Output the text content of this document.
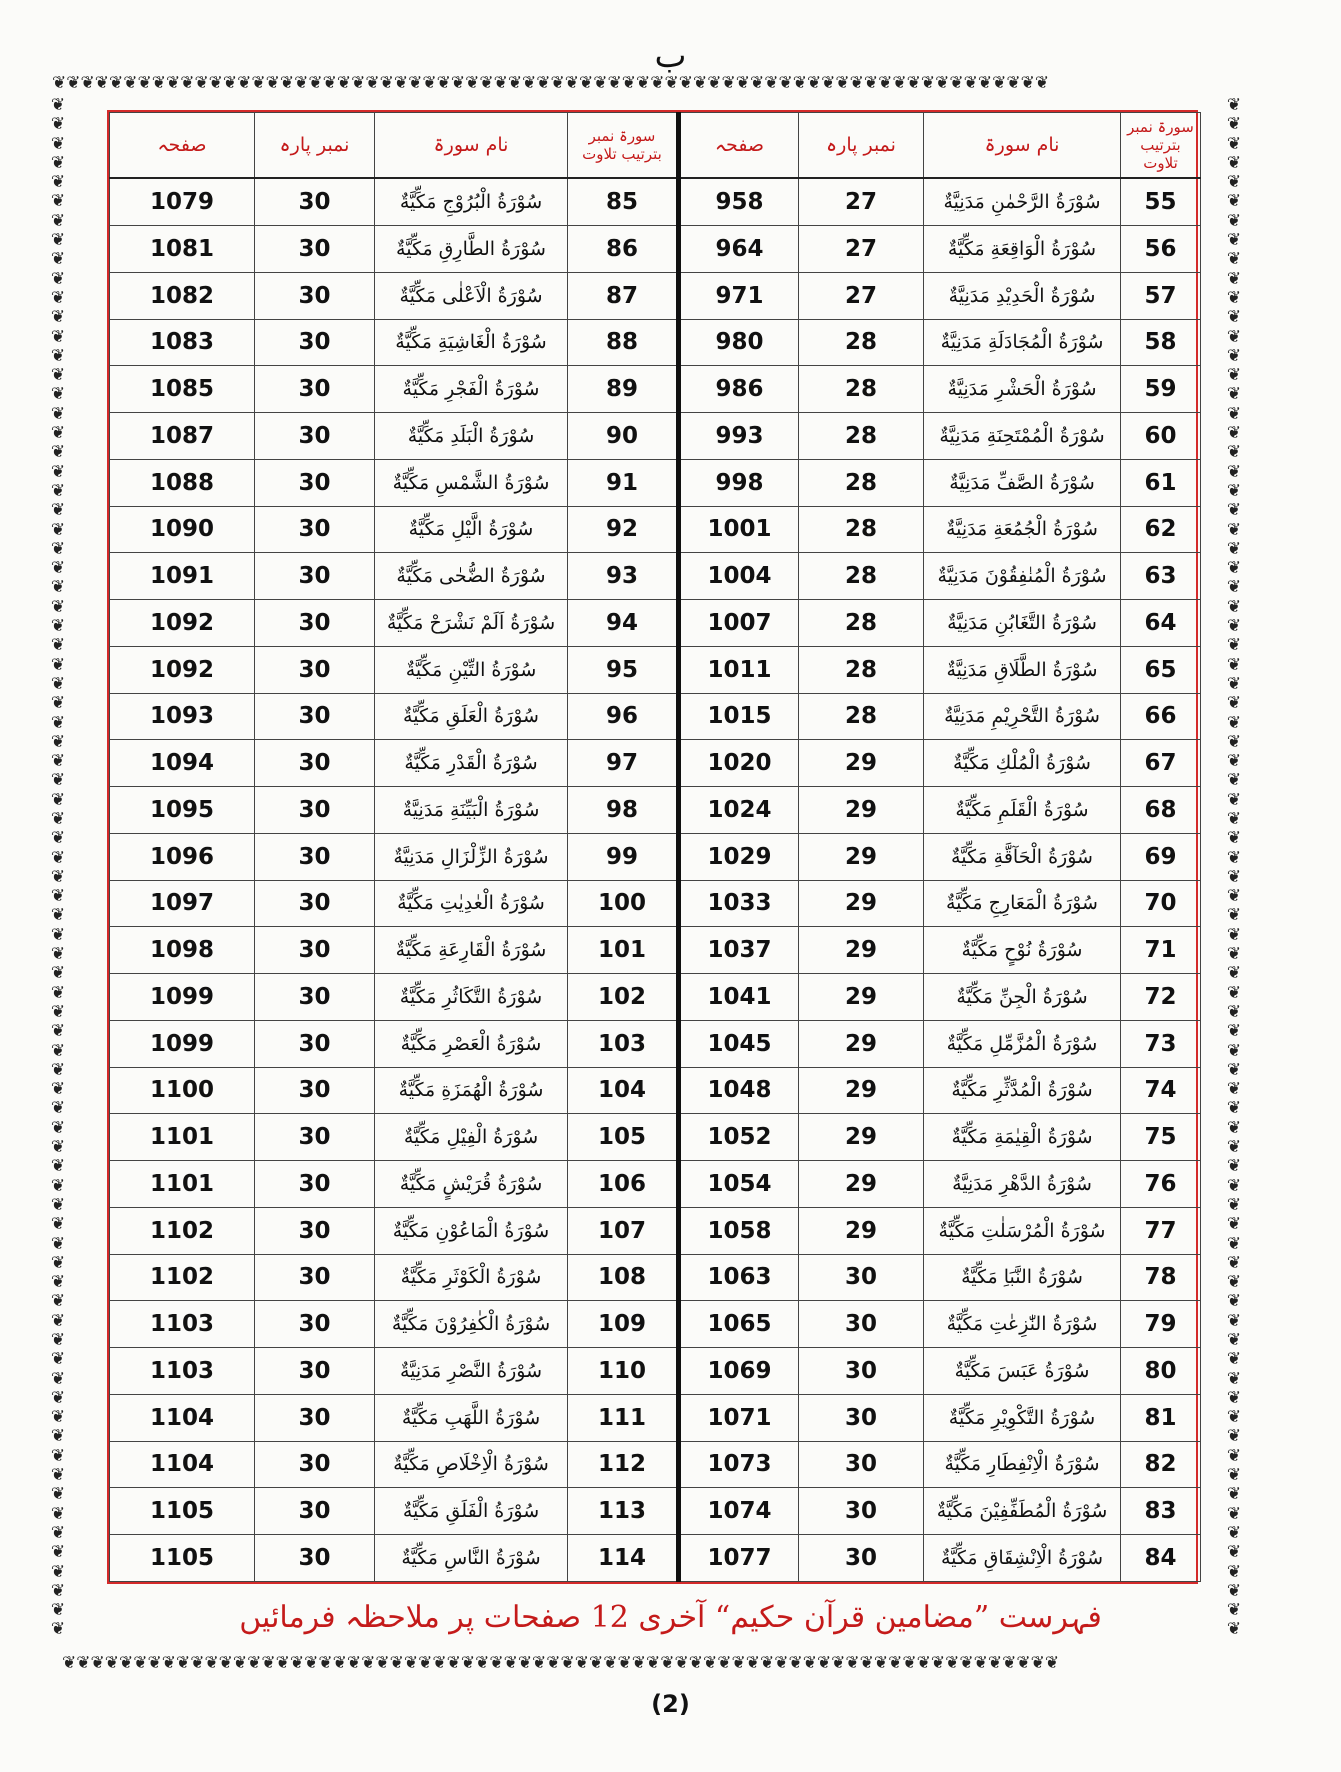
ب
❦❦❦❦❦❦❦❦❦❦❦❦❦❦❦❦❦❦❦❦❦❦❦❦❦❦❦❦❦❦❦❦❦❦❦❦❦❦❦❦❦❦❦❦❦❦❦❦❦❦❦❦❦❦❦❦❦❦❦❦❦❦❦❦❦❦❦❦❦❦
❦❦❦❦❦❦❦❦❦❦❦❦❦❦❦❦❦❦❦❦❦❦❦❦❦❦❦❦❦❦❦❦❦❦❦❦❦❦❦❦❦❦❦❦❦❦❦❦❦❦❦❦❦❦❦❦❦❦❦❦❦❦❦❦❦❦❦❦❦❦
❦❦❦❦❦❦❦❦❦❦❦❦❦❦❦❦❦❦❦❦❦❦❦❦❦❦❦❦❦❦❦❦❦❦❦❦❦❦❦❦❦❦❦❦❦❦❦❦❦❦❦❦❦❦❦❦❦❦❦❦❦❦❦❦❦❦❦❦❦❦❦❦❦❦❦❦❦❦❦❦
❦❦❦❦❦❦❦❦❦❦❦❦❦❦❦❦❦❦❦❦❦❦❦❦❦❦❦❦❦❦❦❦❦❦❦❦❦❦❦❦❦❦❦❦❦❦❦❦❦❦❦❦❦❦❦❦❦❦❦❦❦❦❦❦❦❦❦❦❦❦❦❦❦❦❦❦❦❦❦❦
سورۃ نمبر بترتیب تلاوت	نام سورۃ	نمبر پارہ	صفحہ	سورۃ نمبر بترتیب تلاوت	نام سورۃ	نمبر پارہ	صفحہ
55	سُوْرَةُ الرَّحْمٰنِ مَدَنِيَّةٌ	27	958	85	سُوْرَةُ الْبُرُوْجِ مَكِّيَّةٌ	30	1079
56	سُوْرَةُ الْوَاقِعَةِ مَكِّيَّةٌ	27	964	86	سُوْرَةُ الطَّارِقِ مَكِّيَّةٌ	30	1081
57	سُوْرَةُ الْحَدِيْدِ مَدَنِيَّةٌ	27	971	87	سُوْرَةُ الْاَعْلٰى مَكِّيَّةٌ	30	1082
58	سُوْرَةُ الْمُجَادَلَةِ مَدَنِيَّةٌ	28	980	88	سُوْرَةُ الْغَاشِيَةِ مَكِّيَّةٌ	30	1083
59	سُوْرَةُ الْحَشْرِ مَدَنِيَّةٌ	28	986	89	سُوْرَةُ الْفَجْرِ مَكِّيَّةٌ	30	1085
60	سُوْرَةُ الْمُمْتَحِنَةِ مَدَنِيَّةٌ	28	993	90	سُوْرَةُ الْبَلَدِ مَكِّيَّةٌ	30	1087
61	سُوْرَةُ الصَّفِّ مَدَنِيَّةٌ	28	998	91	سُوْرَةُ الشَّمْسِ مَكِّيَّةٌ	30	1088
62	سُوْرَةُ الْجُمُعَةِ مَدَنِيَّةٌ	28	1001	92	سُوْرَةُ الَّيْلِ مَكِّيَّةٌ	30	1090
63	سُوْرَةُ الْمُنٰفِقُوْنَ مَدَنِيَّةٌ	28	1004	93	سُوْرَةُ الضُّحٰى مَكِّيَّةٌ	30	1091
64	سُوْرَةُ التَّغَابُنِ مَدَنِيَّةٌ	28	1007	94	سُوْرَةُ اَلَمْ نَشْرَحْ مَكِّيَّةٌ	30	1092
65	سُوْرَةُ الطَّلَاقِ مَدَنِيَّةٌ	28	1011	95	سُوْرَةُ التِّيْنِ مَكِّيَّةٌ	30	1092
66	سُوْرَةُ التَّحْرِيْمِ مَدَنِيَّةٌ	28	1015	96	سُوْرَةُ الْعَلَقِ مَكِّيَّةٌ	30	1093
67	سُوْرَةُ الْمُلْكِ مَكِّيَّةٌ	29	1020	97	سُوْرَةُ الْقَدْرِ مَكِّيَّةٌ	30	1094
68	سُوْرَةُ الْقَلَمِ مَكِّيَّةٌ	29	1024	98	سُوْرَةُ الْبَيِّنَةِ مَدَنِيَّةٌ	30	1095
69	سُوْرَةُ الْحَآقَّةِ مَكِّيَّةٌ	29	1029	99	سُوْرَةُ الزِّلْزَالِ مَدَنِيَّةٌ	30	1096
70	سُوْرَةُ الْمَعَارِجِ مَكِّيَّةٌ	29	1033	100	سُوْرَةُ الْعٰدِيٰتِ مَكِّيَّةٌ	30	1097
71	سُوْرَةُ نُوْحٍ مَكِّيَّةٌ	29	1037	101	سُوْرَةُ الْقَارِعَةِ مَكِّيَّةٌ	30	1098
72	سُوْرَةُ الْجِنِّ مَكِّيَّةٌ	29	1041	102	سُوْرَةُ التَّكَاثُرِ مَكِّيَّةٌ	30	1099
73	سُوْرَةُ الْمُزَّمِّلِ مَكِّيَّةٌ	29	1045	103	سُوْرَةُ الْعَصْرِ مَكِّيَّةٌ	30	1099
74	سُوْرَةُ الْمُدَّثِّرِ مَكِّيَّةٌ	29	1048	104	سُوْرَةُ الْهُمَزَةِ مَكِّيَّةٌ	30	1100
75	سُوْرَةُ الْقِيٰمَةِ مَكِّيَّةٌ	29	1052	105	سُوْرَةُ الْفِيْلِ مَكِّيَّةٌ	30	1101
76	سُوْرَةُ الدَّهْرِ مَدَنِيَّةٌ	29	1054	106	سُوْرَةُ قُرَيْشٍ مَكِّيَّةٌ	30	1101
77	سُوْرَةُ الْمُرْسَلٰتِ مَكِّيَّةٌ	29	1058	107	سُوْرَةُ الْمَاعُوْنِ مَكِّيَّةٌ	30	1102
78	سُوْرَةُ النَّبَاِ مَكِّيَّةٌ	30	1063	108	سُوْرَةُ الْكَوْثَرِ مَكِّيَّةٌ	30	1102
79	سُوْرَةُ النّٰزِعٰتِ مَكِّيَّةٌ	30	1065	109	سُوْرَةُ الْكٰفِرُوْنَ مَكِّيَّةٌ	30	1103
80	سُوْرَةُ عَبَسَ مَكِّيَّةٌ	30	1069	110	سُوْرَةُ النَّصْرِ مَدَنِيَّةٌ	30	1103
81	سُوْرَةُ التَّكْوِيْرِ مَكِّيَّةٌ	30	1071	111	سُوْرَةُ اللَّهَبِ مَكِّيَّةٌ	30	1104
82	سُوْرَةُ الْاِنْفِطَارِ مَكِّيَّةٌ	30	1073	112	سُوْرَةُ الْاِخْلَاصِ مَكِّيَّةٌ	30	1104
83	سُوْرَةُ الْمُطَفِّفِيْنَ مَكِّيَّةٌ	30	1074	113	سُوْرَةُ الْفَلَقِ مَكِّيَّةٌ	30	1105
84	سُوْرَةُ الْاِنْشِقَاقِ مَكِّيَّةٌ	30	1077	114	سُوْرَةُ النَّاسِ مَكِّيَّةٌ	30	1105
فہرست ”مضامین قرآن حکیم“ آخری 12 صفحات پر ملاحظہ فرمائیں
(2)
